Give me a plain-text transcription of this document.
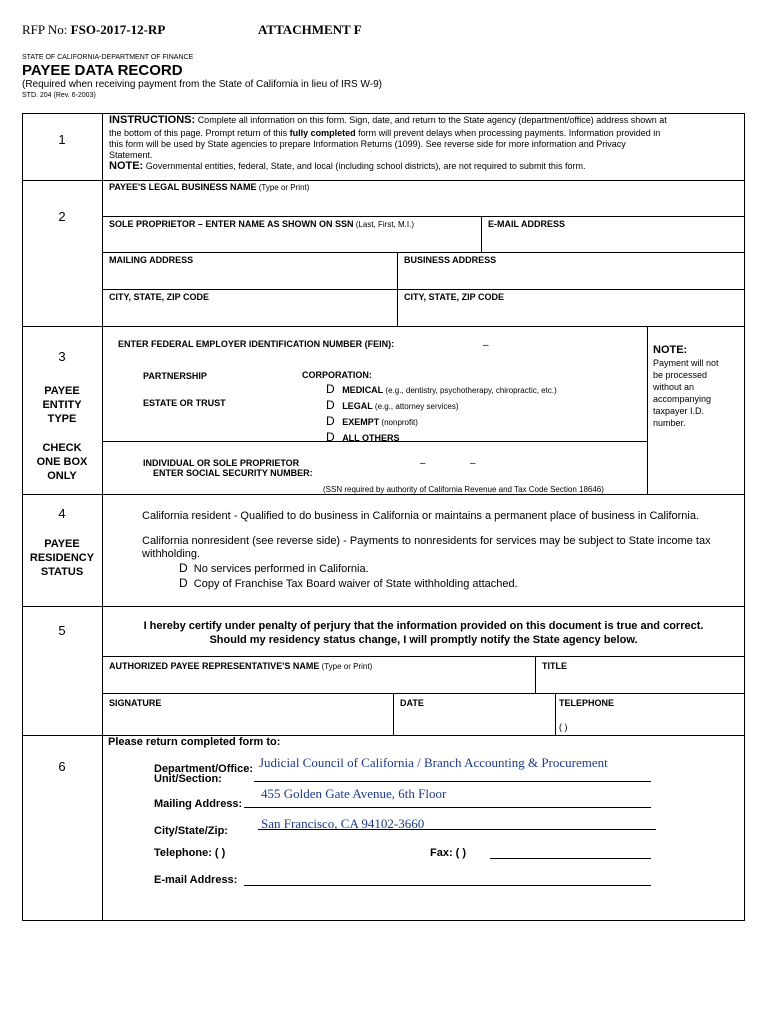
RFP No: FSO-2017-12-RP	ATTACHMENT F
STATE OF CALIFORNIA-DEPARTMENT OF FINANCE
PAYEE DATA RECORD
(Required when receiving payment from the State of California in lieu of IRS W-9)
STD. 204 (Rev. 6-2003)
1
INSTRUCTIONS: Complete all information on this form. Sign, date, and return to the State agency (department/office) address shown at
the bottom of this page. Prompt return of this fully completed form will prevent delays when processing payments. Information provided in
this form will be used by State agencies to prepare Information Returns (1099). See reverse side for more information and Privacy
Statement.
NOTE: Governmental entities, federal, State, and local (including school districts), are not required to submit this form.
2
PAYEE'S LEGAL BUSINESS NAME (Type or Print)
SOLE PROPRIETOR – ENTER NAME AS SHOWN ON SSN (Last, First, M.I.)	E-MAIL ADDRESS
MAILING ADDRESS	BUSINESS ADDRESS
CITY, STATE, ZIP CODE	CITY, STATE, ZIP CODE
3
PAYEE
ENTITY
TYPE
CHECK
ONE BOX
ONLY
ENTER FEDERAL EMPLOYER IDENTIFICATION NUMBER (FEIN):	–
PARTNERSHIP
ESTATE OR TRUST
CORPORATION:
D MEDICAL (e.g., dentistry, psychotherapy, chiropractic, etc.)
D LEGAL (e.g., attorney services)
D EXEMPT (nonprofit)
D ALL OTHERS
INDIVIDUAL OR SOLE PROPRIETOR
ENTER SOCIAL SECURITY NUMBER:
–	–
(SSN required by authority of California Revenue and Tax Code Section 18646)
NOTE:
Payment will not
be processed
without an
accompanying
taxpayer I.D.
number.
4
PAYEE
RESIDENCY
STATUS
California resident - Qualified to do business in California or maintains a permanent place of business in California.
California nonresident (see reverse side) - Payments to nonresidents for services may be subject to State income tax
withholding.
D No services performed in California.
D Copy of Franchise Tax Board waiver of State withholding attached.
5	I hereby certify under penalty of perjury that the information provided on this document is true and correct.
Should my residency status change, I will promptly notify the State agency below.
AUTHORIZED PAYEE REPRESENTATIVE'S NAME (Type or Print)	TITLE
SIGNATURE	DATE	TELEPHONE
( )
6
Please return completed form to:
Department/Office:
Unit/Section:
Judicial Council of California / Branch Accounting & Procurement
Mailing Address:
455 Golden Gate Avenue, 6th Floor
City/State/Zip:	San Francisco, CA 94102-3660
Telephone: ( )	Fax: ( )
E-mail Address:
